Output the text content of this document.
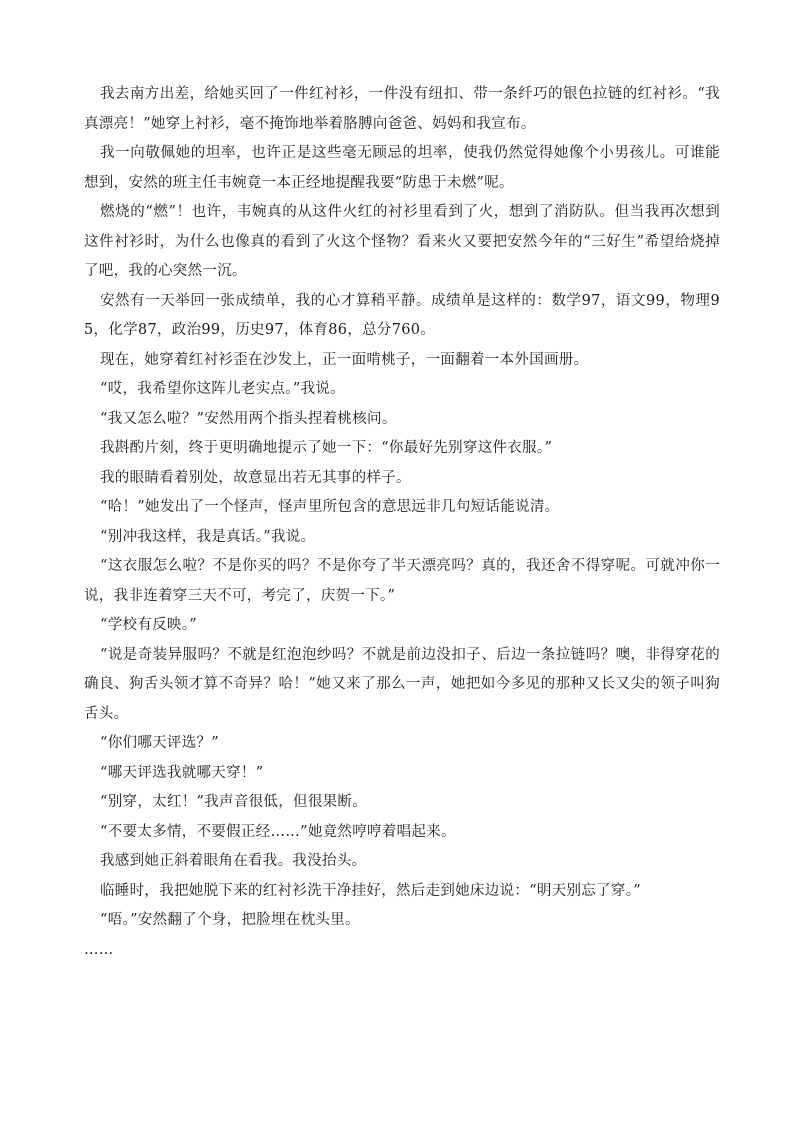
我去南方出差，给她买回了一件红衬衫，一件没有纽扣、带一条纤巧的银色拉链的红衬衫。“我真漂亮！”她穿上衬衫，毫不掩饰地举着胳膊向爸爸、妈妈和我宣布。

我一向敬佩她的坦率，也许正是这些毫无顾忌的坦率，使我仍然觉得她像个小男孩儿。可谁能想到，安然的班主任韦婉竟一本正经地提醒我要“防患于未燃”呢。

燃烧的“燃”！也许，韦婉真的从这件火红的衬衫里看到了火，想到了消防队。但当我再次想到这件衬衫时，为什么也像真的看到了火这个怪物？看来火又要把安然今年的“三好生”希望给烧掉了吧，我的心突然一沉。

安然有一天举回一张成绩单，我的心才算稍平静。成绩单是这样的：数学97，语文99，物理95，化学87，政治99，历史97，体育86，总分760。

现在，她穿着红衬衫歪在沙发上，正一面啃桃子，一面翻着一本外国画册。

“哎，我希望你这阵儿老实点。”我说。

“我又怎么啦？”安然用两个指头捏着桃核问。

我斟酌片刻，终于更明确地提示了她一下：“你最好先别穿这件衣服。”

我的眼睛看着别处，故意显出若无其事的样子。

“哈！”她发出了一个怪声，怪声里所包含的意思远非几句短话能说清。

“别冲我这样，我是真话。”我说。

“这衣服怎么啦？不是你买的吗？不是你夸了半天漂亮吗？真的，我还舍不得穿呢。可就冲你一说，我非连着穿三天不可，考完了，庆贺一下。”

“学校有反映。”

“说是奇装异服吗？不就是红泡泡纱吗？不就是前边没扣子、后边一条拉链吗？噢，非得穿花的确良、狗舌头领才算不奇异？哈！”她又来了那么一声，她把如今多见的那种又长又尖的领子叫狗舌头。

“你们哪天评选？”

“哪天评选我就哪天穿！”

“别穿，太红！”我声音很低，但很果断。

“不要太多情，不要假正经……”她竟然哼哼着唱起来。

我感到她正斜着眼角在看我。我没抬头。

临睡时，我把她脱下来的红衬衫洗干净挂好，然后走到她床边说：“明天别忘了穿。”

“唔。”安然翻了个身，把脸埋在枕头里。

……
